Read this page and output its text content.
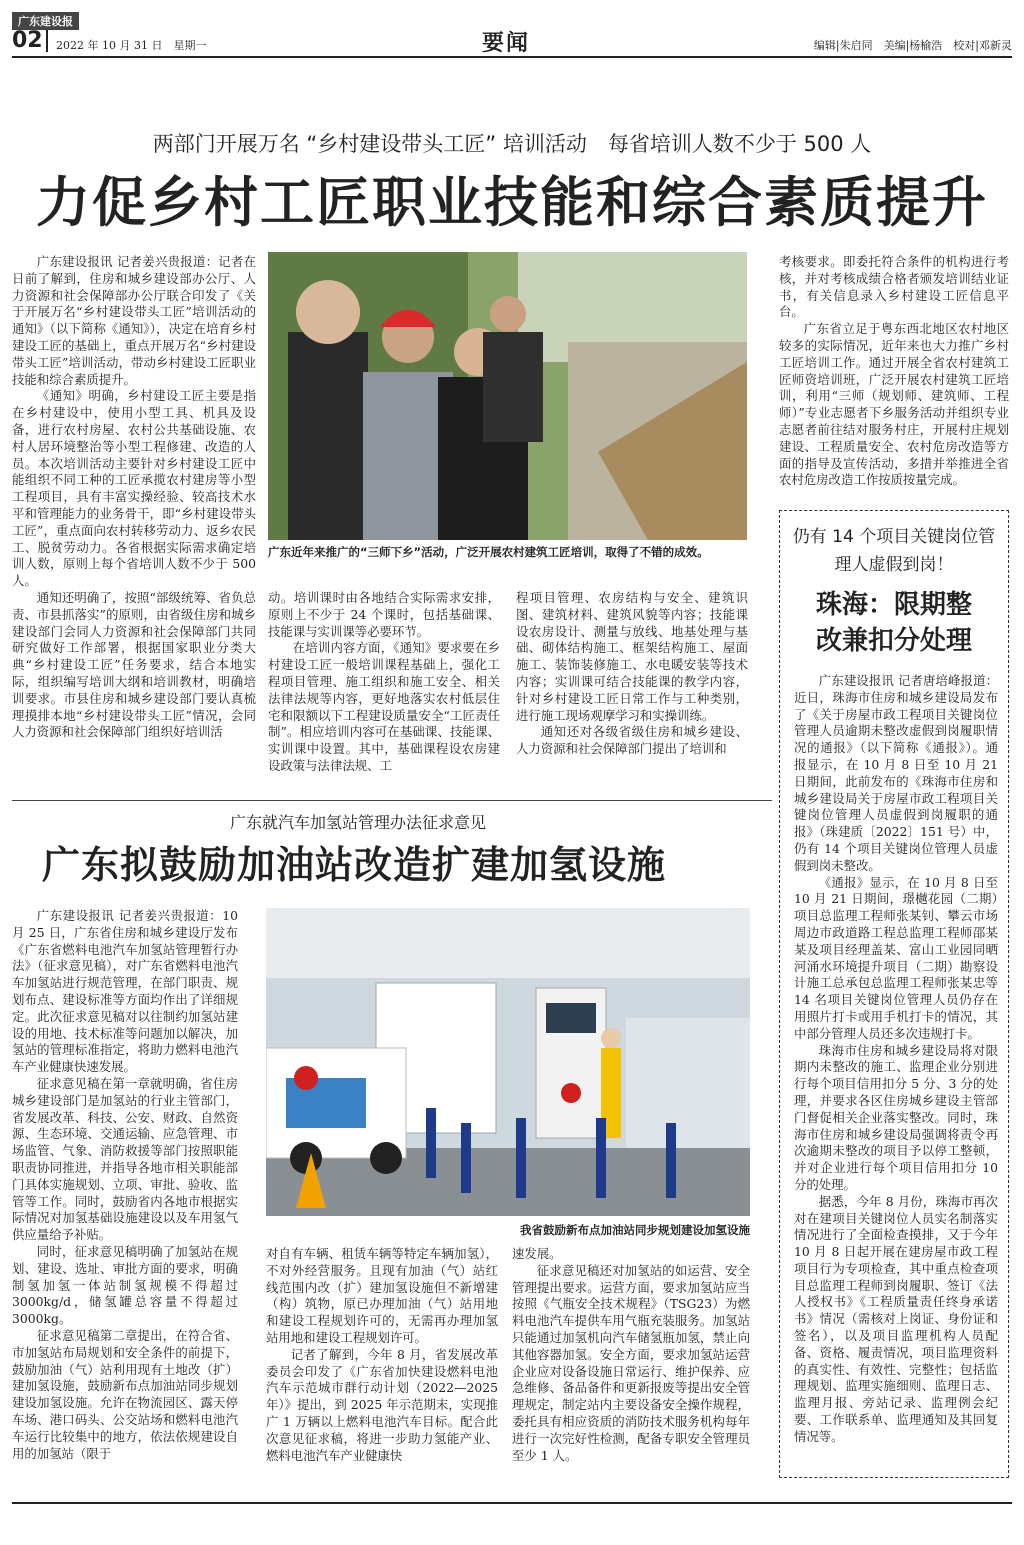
广东建设报
02 2022 年 10 月 31 日　星期一	要闻	编辑|朱启同　美编|杨榆浩　校对|邓新灵
两部门开展万名 “乡村建设带头工匠” 培训活动　每省培训人数不少于 500 人
力促乡村工匠职业技能和综合素质提升

广东建设报讯 记者姜兴贵报道：记者在日前了解到，住房和城乡建设部办公厅、人力资源和社会保障部办公厅联合印发了《关于开展万名“乡村建设带头工匠”培训活动的通知》（以下简称《通知》），决定在培育乡村建设工匠的基础上，重点开展万名“乡村建设带头工匠”培训活动，带动乡村建设工匠职业技能和综合素质提升。

《通知》明确，乡村建设工匠主要是指在乡村建设中，使用小型工具、机具及设备，进行农村房屋、农村公共基础设施、农村人居环境整治等小型工程修建、改造的人员。本次培训活动主要针对乡村建设工匠中能组织不同工种的工匠承揽农村建房等小型工程项目，具有丰富实操经验、较高技术水平和管理能力的业务骨干，即“乡村建设带头工匠”，重点面向农村转移劳动力、返乡农民工、脱贫劳动力。各省根据实际需求确定培训人数，原则上每个省培训人数不少于 500 人。

通知还明确了，按照“部级统筹、省负总责、市县抓落实”的原则，由省级住房和城乡建设部门会同人力资源和社会保障部门共同研究做好工作部署，根据国家职业分类大典“乡村建设工匠”任务要求，结合本地实际，组织编写培训大纲和培训教材，明确培训要求。市县住房和城乡建设部门要认真梳理摸排本地“乡村建设带头工匠”情况，会同人力资源和社会保障部门组织好培训活

广东近年来推广的“三师下乡”活动，广泛开展农村建筑工匠培训，取得了不错的成效。

动。培训课时由各地结合实际需求安排，原则上不少于 24 个课时，包括基础课、技能课与实训课等必要环节。

在培训内容方面，《通知》要求要在乡村建设工匠一般培训课程基础上，强化工程项目管理、施工组织和施工安全、相关法律法规等内容，更好地落实农村低层住宅和限额以下工程建设质量安全“工匠责任制”。相应培训内容可在基础课、技能课、实训课中设置。其中，基础课程设农房建设政策与法律法规、工

程项目管理、农房结构与安全、建筑识图、建筑材料、建筑风貌等内容；技能课设农房设计、测量与放线、地基处理与基础、砌体结构施工、框架结构施工、屋面施工、装饰装修施工、水电暖安装等技术内容；实训课可结合技能课的教学内容，针对乡村建设工匠日常工作与工种类别，进行施工现场观摩学习和实操训练。

通知还对各级省级住房和城乡建设、人力资源和社会保障部门提出了培训和

考核要求。即委托符合条件的机构进行考核，并对考核成绩合格者颁发培训结业证书，有关信息录入乡村建设工匠信息平台。

广东省立足于粤东西北地区农村地区较多的实际情况，近年来也大力推广乡村工匠培训工作。通过开展全省农村建筑工匠师资培训班，广泛开展农村建筑工匠培训，利用“三师（规划师、建筑师、工程师）”专业志愿者下乡服务活动并组织专业志愿者前往结对服务村庄，开展村庄规划建设、工程质量安全、农村危房改造等方面的指导及宣传活动，多措并举推进全省农村危房改造工作按质按量完成。

广东就汽车加氢站管理办法征求意见
广东拟鼓励加油站改造扩建加氢设施

广东建设报讯 记者姜兴贵报道：10 月 25 日，广东省住房和城乡建设厅发布《广东省燃料电池汽车加氢站管理暂行办法》（征求意见稿），对广东省燃料电池汽车加氢站进行规范管理，在部门职责、规划布点、建设标准等方面均作出了详细规定。此次征求意见稿对以往制约加氢站建设的用地、技术标准等问题加以解决，加氢站的管理标准指定，将助力燃料电池汽车产业健康快速发展。

征求意见稿在第一章就明确，省住房城乡建设部门是加氢站的行业主管部门，省发展改革、科技、公安、财政、自然资源、生态环境、交通运输、应急管理、市场监管、气象、消防救援等部门按照职能职责协同推进，并指导各地市相关职能部门具体实施规划、立项、审批、验收、监管等工作。同时，鼓励省内各地市根据实际情况对加氢基础设施建设以及车用氢气供应量给予补贴。

同时，征求意见稿明确了加氢站在规划、建设、选址、审批方面的要求，明确制氢加氢一体站制氢规模不得超过 3000kg/d，储氢罐总容量不得超过 3000kg。

征求意见稿第二章提出，在符合省、市加氢站布局规划和安全条件的前提下，鼓励加油（气）站利用现有土地改（扩）建加氢设施，鼓励新布点加油站同步规划建设加氢设施。允许在物流园区、露天停车场、港口码头、公交站场和燃料电池汽车运行比较集中的地方，依法依规建设自用的加氢站（限于

我省鼓励新布点加油站同步规划建设加氢设施

对自有车辆、租赁车辆等特定车辆加氢），不对外经营服务。且现有加油（气）站红线范围内改（扩）建加氢设施但不新增建（构）筑物，原已办理加油（气）站用地和建设工程规划许可的，无需再办理加氢站用地和建设工程规划许可。

记者了解到，今年 8 月，省发展改革委员会印发了《广东省加快建设燃料电池汽车示范城市群行动计划（2022—2025 年）》提出，到 2025 年示范期末，实现推广 1 万辆以上燃料电池汽车目标。配合此次意见征求稿，将进一步助力氢能产业、燃料电池汽车产业健康快

速发展。

征求意见稿还对加氢站的如运营、安全管理提出要求。运营方面，要求加氢站应当按照《气瓶安全技术规程》（TSG23）为燃料电池汽车提供车用气瓶充装服务。加氢站只能通过加氢机向汽车储氢瓶加氢，禁止向其他容器加氢。安全方面，要求加氢站运营企业应对设备设施日常运行、维护保养、应急维修、备品备件和更新报废等提出安全管理规定，制定站内主要设备安全操作规程，委托具有相应资质的消防技术服务机构每年进行一次完好性检测，配备专职安全管理员至少 1 人。

仍有 14 个项目关键岗位管理人虚假到岗！
珠海：限期整改兼扣分处理

广东建设报讯 记者唐培峰报道：近日，珠海市住房和城乡建设局发布了《关于房屋市政工程项目关键岗位管理人员逾期未整改虚假到岗履职情况的通报》（以下简称《通报》）。通报显示，在 10 月 8 日至 10 月 21 日期间，此前发布的《珠海市住房和城乡建设局关于房屋市政工程项目关键岗位管理人员虚假到岗履职的通报》（珠建质〔2022〕151 号）中，仍有 14 个项目关键岗位管理人员虚假到岗未整改。

《通报》显示，在 10 月 8 日至 10 月 21 日期间，璟樾花园（二期）项目总监理工程师张某钊、攀云市场周边市政道路工程总监理工程师邵某某及项目经理盖某、富山工业园同晒河涌水环境提升项目（二期）勘察设计施工总承包总监理工程师张某忠等 14 名项目关键岗位管理人员仍存在用照片打卡或用手机打卡的情况，其中部分管理人员还多次违规打卡。

珠海市住房和城乡建设局将对限期内未整改的施工、监理企业分别进行每个项目信用扣分 5 分、3 分的处理，并要求各区住房城乡建设主管部门督促相关企业落实整改。同时，珠海市住房和城乡建设局强调将责令再次逾期未整改的项目予以停工整顿，并对企业进行每个项目信用扣分 10 分的处理。

据悉，今年 8 月份，珠海市再次对在建项目关键岗位人员实名制落实情况进行了全面检查摸排，又于今年 10 月 8 日起开展在建房屋市政工程项目行为专项检查，其中重点检查项目总监理工程师到岗履职、签订《法人授权书》《工程质量责任终身承诺书》情况（需核对上岗证、身份证和签名），以及项目监理机构人员配备、资格、履责情况，项目监理资料的真实性、有效性、完整性；包括监理规划、监理实施细则、监理日志、监理月报、旁站记录、监理例会纪要、工作联系单、监理通知及其回复情况等。
